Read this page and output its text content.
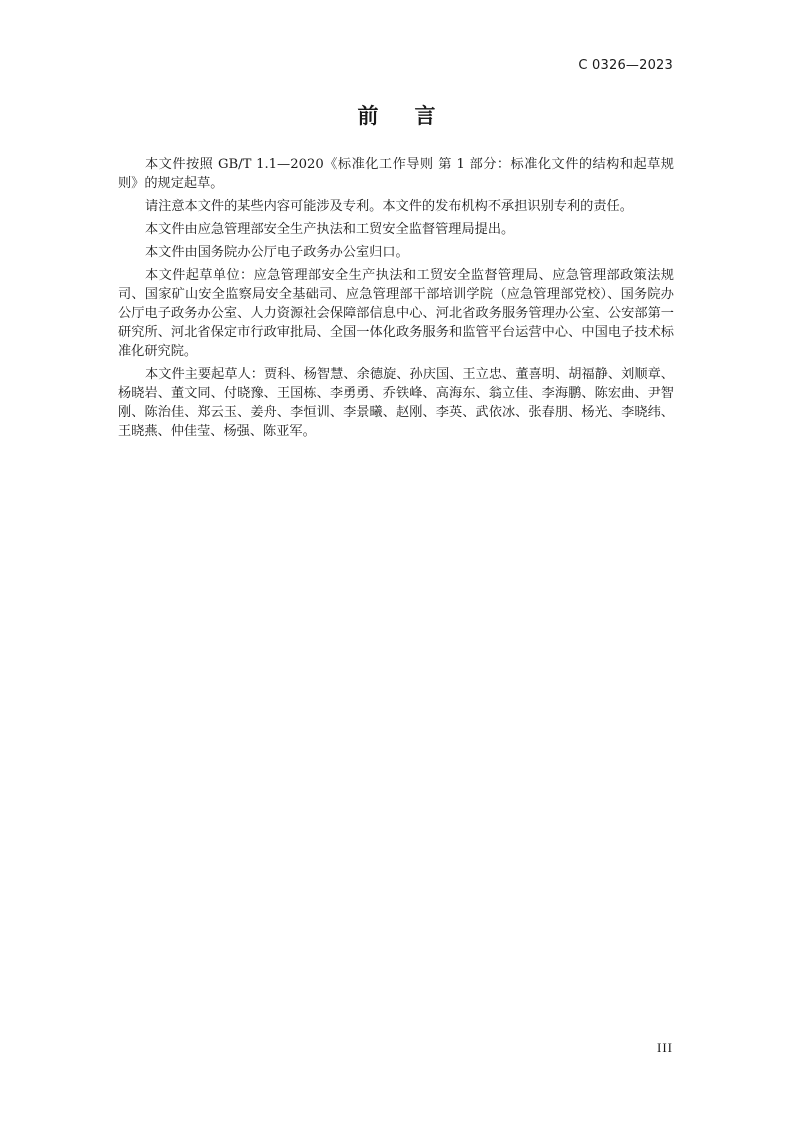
C 0326—2023
前言

本文件按照 GB/T 1.1—2020《标准化工作导则 第 1 部分：标准化文件的结构和起草规则》的规定起草。

请注意本文件的某些内容可能涉及专利。本文件的发布机构不承担识别专利的责任。

本文件由应急管理部安全生产执法和工贸安全监督管理局提出。

本文件由国务院办公厅电子政务办公室归口。

本文件起草单位：应急管理部安全生产执法和工贸安全监督管理局、应急管理部政策法规司、国家矿山安全监察局安全基础司、应急管理部干部培训学院（应急管理部党校）、国务院办公厅电子政务办公室、人力资源社会保障部信息中心、河北省政务服务管理办公室、公安部第一研究所、河北省保定市行政审批局、全国一体化政务服务和监管平台运营中心、中国电子技术标准化研究院。

本文件主要起草人：贾科、杨智慧、余德旋、孙庆国、王立忠、董喜明、胡福静、刘顺章、杨晓岩、董文同、付晓豫、王国栋、李勇勇、乔铁峰、高海东、翁立佳、李海鹏、陈宏曲、尹智刚、陈治佳、郑云玉、姜舟、李恒训、李景曦、赵刚、李英、武依冰、张春朋、杨光、李晓纬、王晓燕、仲佳莹、杨强、陈亚军。

III
